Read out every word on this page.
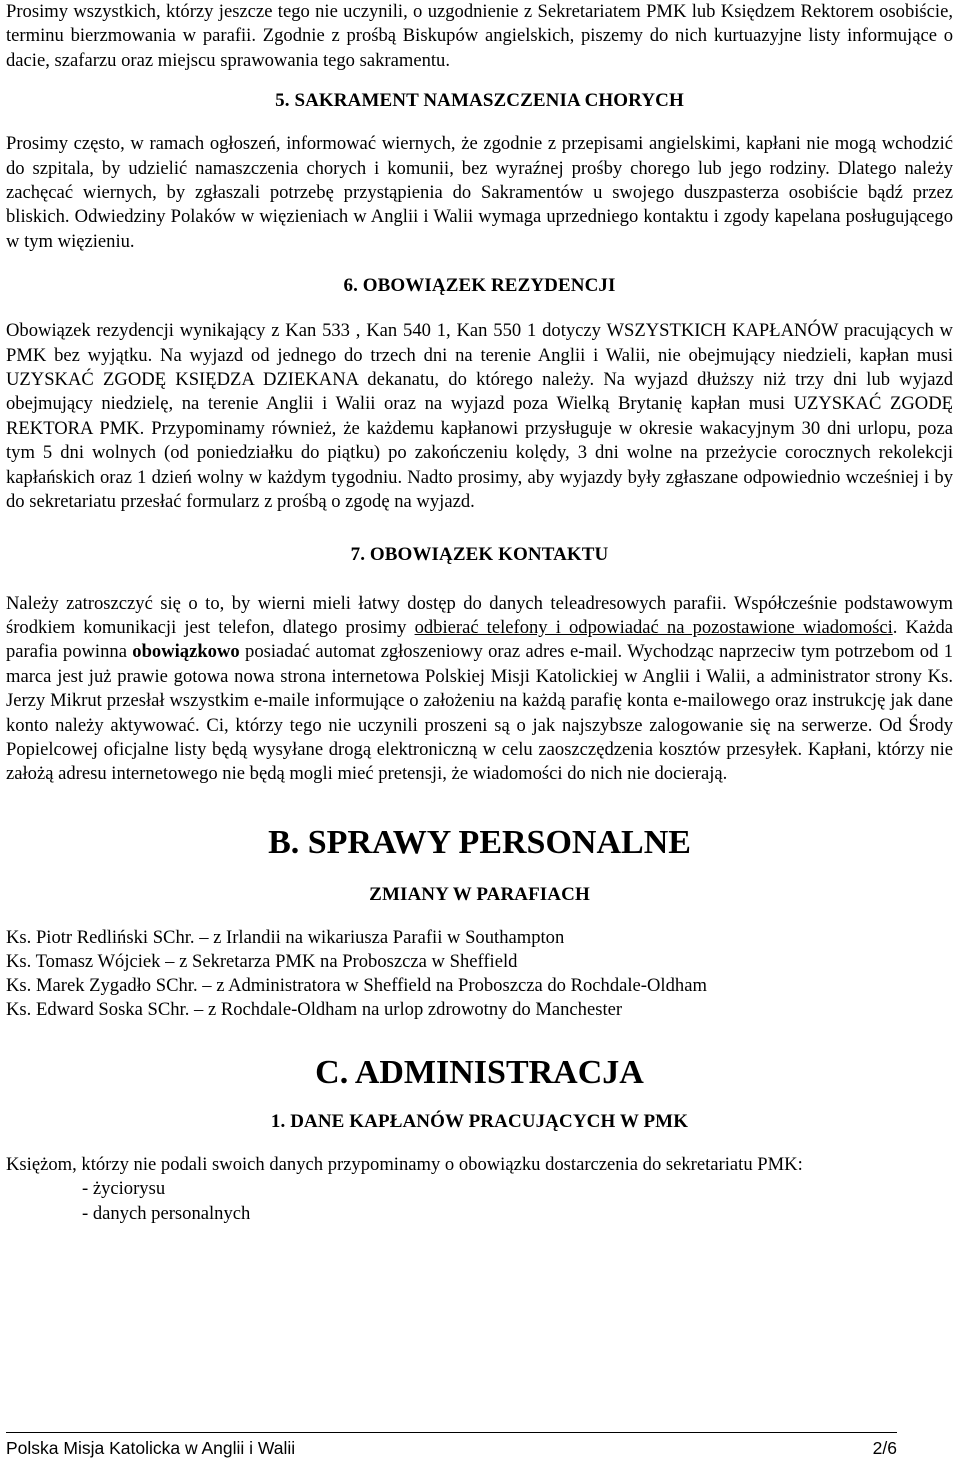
Prosimy wszystkich, którzy jeszcze tego nie uczynili, o uzgodnienie z Sekretariatem PMK lub Księdzem Rektorem osobiście, terminu bierzmowania w parafii. Zgodnie z prośbą Biskupów angielskich, piszemy do nich kurtuazyjne listy informujące o dacie, szafarzu oraz miejscu sprawowania tego sakramentu.

5. SAKRAMENT NAMASZCZENIA CHORYCH

Prosimy często, w ramach ogłoszeń, informować wiernych, że zgodnie z przepisami angielskimi, kapłani nie mogą wchodzić do szpitala, by udzielić namaszczenia chorych i komunii, bez wyraźnej prośby chorego lub jego rodziny. Dlatego należy zachęcać wiernych, by zgłaszali potrzebę przystąpienia do Sakramentów u swojego duszpasterza osobiście bądź przez bliskich. Odwiedziny Polaków w więzieniach w Anglii i Walii wymaga uprzedniego kontaktu i zgody kapelana posługującego w tym więzieniu.

6. OBOWIĄZEK REZYDENCJI

Obowiązek rezydencji wynikający z Kan 533 , Kan 540 1, Kan 550 1 dotyczy WSZYSTKICH KAPŁANÓW pracujących w PMK bez wyjątku. Na wyjazd od jednego do trzech dni na terenie Anglii i Walii, nie obejmujący niedzieli, kapłan musi UZYSKAĆ ZGODĘ KSIĘDZA DZIEKANA dekanatu, do którego należy. Na wyjazd dłuższy niż trzy dni lub wyjazd obejmujący niedzielę, na terenie Anglii i Walii oraz na wyjazd poza Wielką Brytanię kapłan musi UZYSKAĆ ZGODĘ REKTORA PMK. Przypominamy również, że każdemu kapłanowi przysługuje w okresie wakacyjnym 30 dni urlopu, poza tym 5 dni wolnych (od poniedziałku do piątku) po zakończeniu kolędy, 3 dni wolne na przeżycie corocznych rekolekcji kapłańskich oraz 1 dzień wolny w każdym tygodniu. Nadto prosimy, aby wyjazdy były zgłaszane odpowiednio wcześniej i by do sekretariatu przesłać formularz z prośbą o zgodę na wyjazd.

7. OBOWIĄZEK KONTAKTU

Należy zatroszczyć się o to, by wierni mieli łatwy dostęp do danych teleadresowych parafii. Współcześnie podstawowym środkiem komunikacji jest telefon, dlatego prosimy odbierać telefony i odpowiadać na pozostawione wiadomości. Każda parafia powinna obowiązkowo posiadać automat zgłoszeniowy oraz adres e-mail. Wychodząc naprzeciw tym potrzebom od 1 marca jest już prawie gotowa nowa strona internetowa Polskiej Misji Katolickiej w Anglii i Walii, a administrator strony Ks. Jerzy Mikrut przesłał wszystkim e-maile informujące o założeniu na każdą parafię konta e-mailowego oraz instrukcję jak dane konto należy aktywować. Ci, którzy tego nie uczynili proszeni są o jak najszybsze zalogowanie się na serwerze. Od Środy Popielcowej oficjalne listy będą wysyłane drogą elektroniczną w celu zaoszczędzenia kosztów przesyłek. Kapłani, którzy nie założą adresu internetowego nie będą mogli mieć pretensji, że wiadomości do nich nie docierają.

B. SPRAWY PERSONALNE
ZMIANY W PARAFIACH

Ks. Piotr Redliński SChr. – z Irlandii na wikariusza Parafii w Southampton

Ks. Tomasz Wójciek – z Sekretarza PMK na Proboszcza w Sheffield

Ks. Marek Zygadło SChr. – z Administratora w Sheffield na Proboszcza do Rochdale-Oldham

Ks. Edward Soska SChr. – z Rochdale-Oldham na urlop zdrowotny do Manchester

C. ADMINISTRACJA
1. DANE KAPŁANÓW PRACUJĄCYCH W PMK

Księżom, którzy nie podali swoich danych przypominamy o obowiązku dostarczenia do sekretariatu PMK:

- życiorysu

- danych personalnych

Polska Misja Katolicka w Anglii i Walii	2/6
